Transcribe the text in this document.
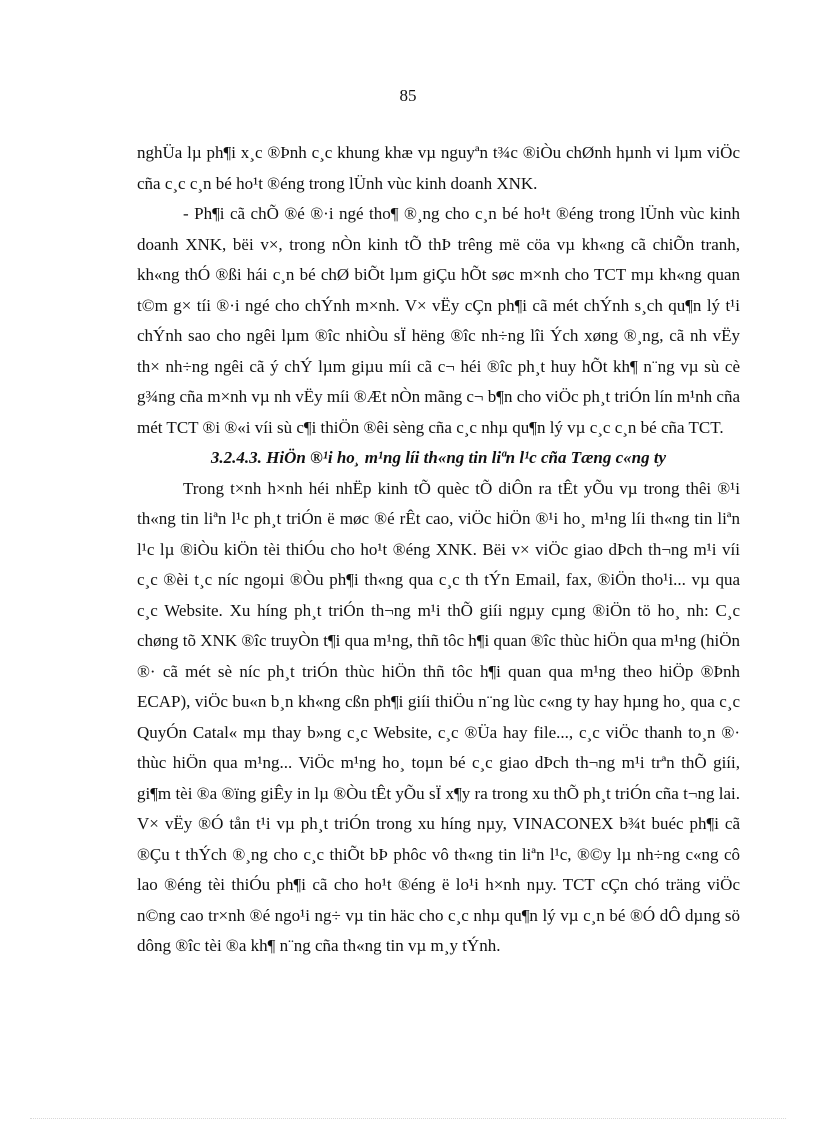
85

nghÜa lµ ph¶i x¸c ®Þnh c¸c khung khæ vµ nguyªn t¾c ®iÒu chØnh hµnh vi lµm viÖc cña c¸c c¸n bé ho¹t ®éng trong lÜnh vùc kinh doanh XNK.

- Ph¶i cã chÕ ®é ®·i ngé tho¶ ®¸ng cho c¸n bé ho¹t ®éng trong lÜnh vùc kinh doanh XNK, bëi v×, trong nÒn kinh tÕ thÞ trêng më cöa vµ kh«ng cã chiÕn tranh, kh«ng thÓ ®ßi hái c¸n bé chØ biÕt lµm giÇu hÕt søc m×nh cho TCT mµ kh«ng quan t©m g× tíi ®·i ngé cho chÝnh m×nh. V× vËy cÇn ph¶i cã mét chÝnh s¸ch qu¶n lý t¹i chÝnh sao cho ngêi lµm ®îc nhiÒu sÏ hëng ®îc nh÷ng lîi Ých xøng ®¸ng, cã nh vËy th× nh÷ng ngêi cã ý chÝ lµm giµu míi cã c¬ héi ®îc ph¸t huy hÕt kh¶ n¨ng vµ sù cè g¾ng cña m×nh vµ nh vËy míi ®Æt nÒn mãng c¬ b¶n cho viÖc ph¸t triÓn lín m¹nh cña mét TCT ®i ®«i víi sù c¶i thiÖn ®êi sèng cña c¸c nhµ qu¶n lý vµ c¸c c¸n bé cña TCT.

3.2.4.3. HiÖn ®¹i ho¸ m¹ng líi th«ng tin liªn l¹c cña Tæng c«ng ty

Trong t×nh h×nh héi nhËp kinh tÕ quèc tÕ diÔn ra tÊt yÕu vµ trong thêi ®¹i th«ng tin liªn l¹c ph¸t triÓn ë møc ®é rÊt cao, viÖc hiÖn ®¹i ho¸ m¹ng líi th«ng tin liªn l¹c lµ ®iÒu kiÖn tèi thiÓu cho ho¹t ®éng XNK. Bëi v× viÖc giao dÞch th¬ng m¹i víi c¸c ®èi t¸c níc ngoµi ®Òu ph¶i th«ng qua c¸c th tÝn Email, fax, ®iÖn tho¹i... vµ qua c¸c Website. Xu híng ph¸t triÓn th¬ng m¹i thÕ giíi ngµy cµng ®iÖn tö ho¸ nh: C¸c chøng tõ XNK ®îc truyÒn t¶i qua m¹ng, thñ tôc h¶i quan ®îc thùc hiÖn qua m¹ng (hiÖn ®· cã mét sè níc ph¸t triÓn thùc hiÖn thñ tôc h¶i quan qua m¹ng theo hiÖp ®Þnh ECAP), viÖc bu«n b¸n kh«ng cßn ph¶i giíi thiÖu n¨ng lùc c«ng ty hay hµng ho¸ qua c¸c QuyÓn Catal« mµ thay b»ng c¸c Website, c¸c ®Üa hay file..., c¸c viÖc thanh to¸n ®· thùc hiÖn qua m¹ng... ViÖc m¹ng ho¸ toµn bé c¸c giao dÞch th¬ng m¹i trªn thÕ giíi, gi¶m tèi ®a ®ïng giÊy in lµ ®Òu tÊt yÕu sÏ x¶y ra trong xu thÕ ph¸t triÓn cña t¬ng lai. V× vËy ®Ó tån t¹i vµ ph¸t triÓn trong xu híng nµy, VINACONEX b¾t buéc ph¶i cã ®Çu t thÝch ®¸ng cho c¸c thiÕt bÞ phôc vô th«ng tin liªn l¹c, ®©y lµ nh÷ng c«ng cô lao ®éng tèi thiÓu ph¶i cã cho ho¹t ®éng ë lo¹i h×nh nµy. TCT cÇn chó träng viÖc n©ng cao tr×nh ®é ngo¹i ng÷ vµ tin häc cho c¸c nhµ qu¶n lý vµ c¸n bé ®Ó dÔ dµng sö dông ®îc tèi ®a kh¶ n¨ng cña th«ng tin vµ m¸y tÝnh.
